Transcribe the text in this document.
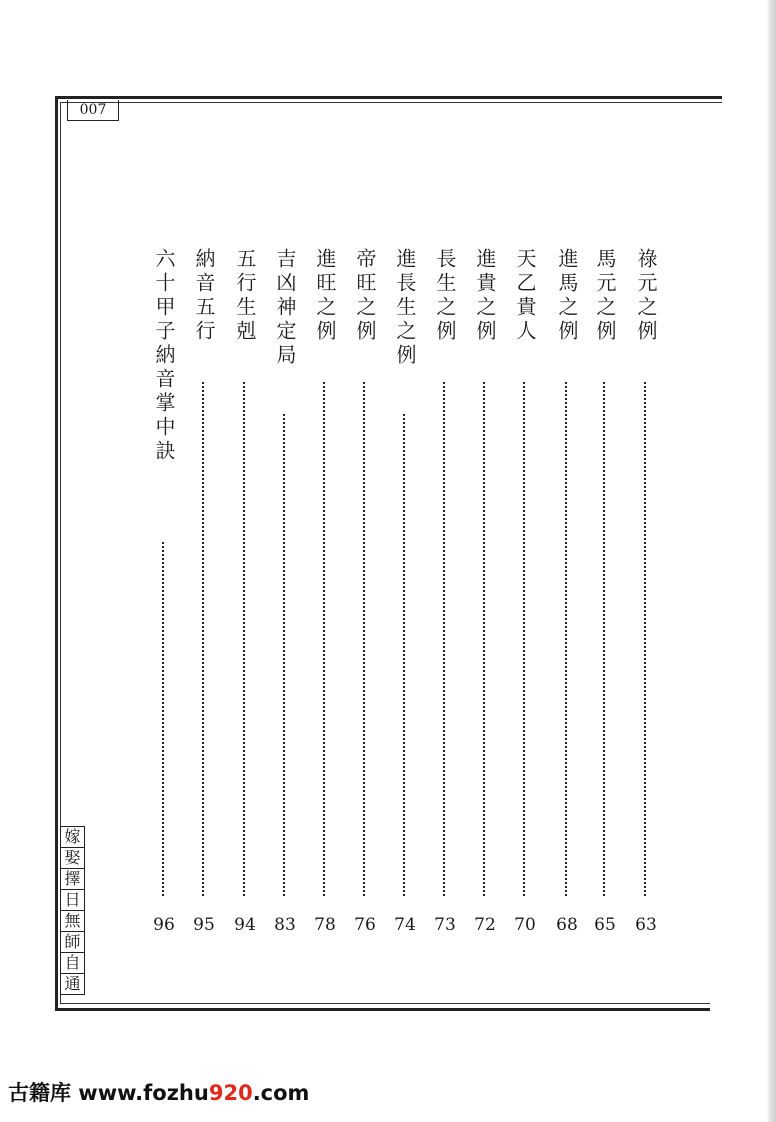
007
祿元之例
63
馬元之例
65
進馬之例
68
天乙貴人
70
進貴之例
72
長生之例
73
進長生之例
74
帝旺之例
76
進旺之例
78
吉凶神定局
83
五行生剋
94
納音五行
95
六十甲子納音掌中訣
96
嫁
娶
擇
日
無
師
自
通
古籍库 www.fozhu920.com
